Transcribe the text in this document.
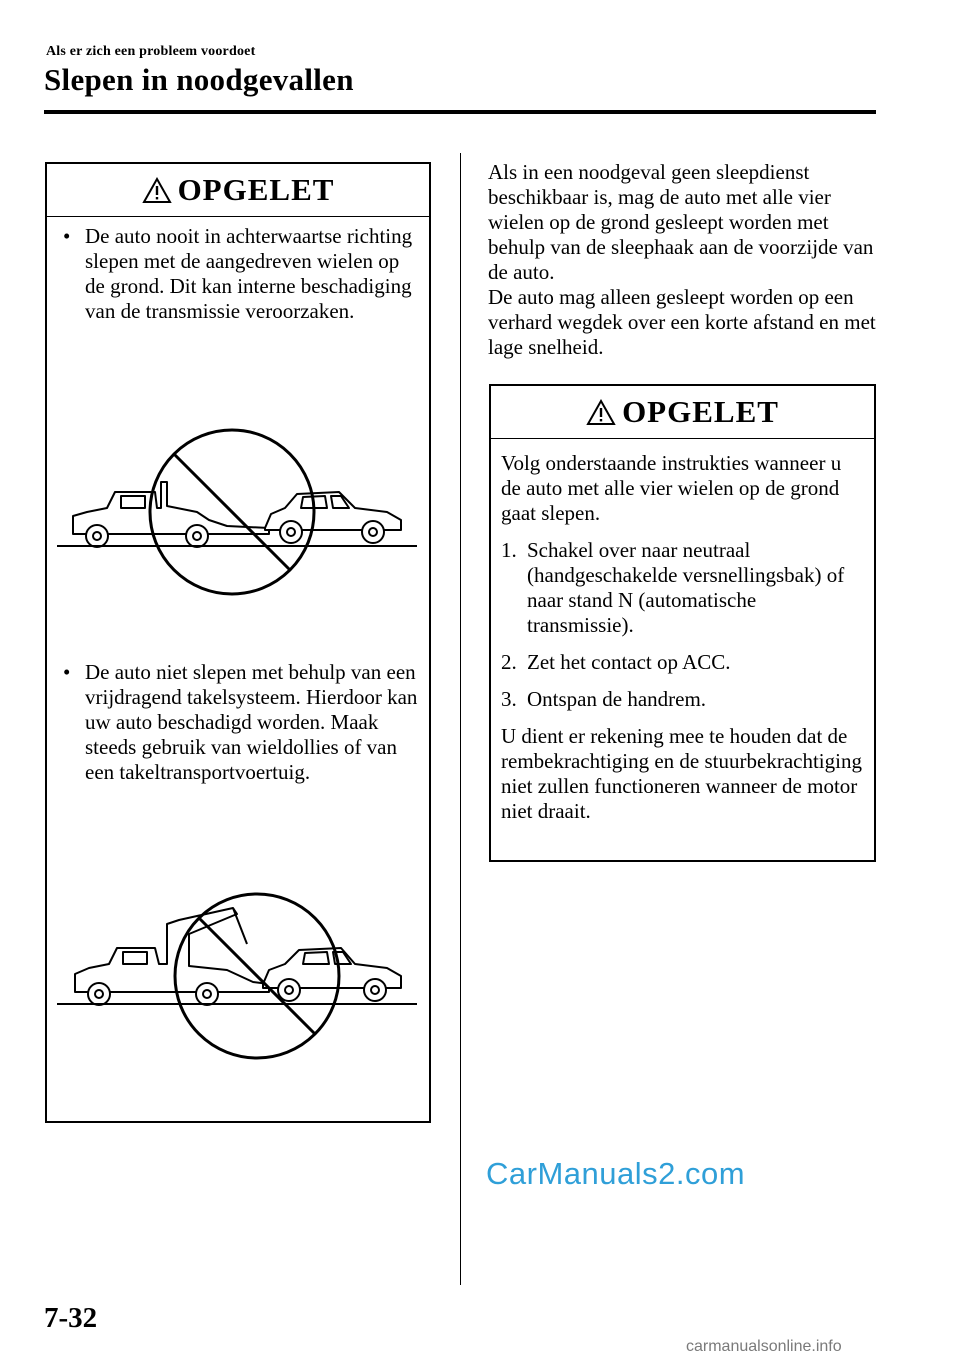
Als er zich een probleem voordoet
Slepen in noodgevallen
OPGELET
• De auto nooit in achterwaartse richting slepen met de aangedreven wielen op de grond. Dit kan interne beschadiging van de transmissie veroorzaken.
• De auto niet slepen met behulp van een vrijdragend takelsysteem. Hierdoor kan uw auto beschadigd worden. Maak steeds gebruik van wieldollies of van een takeltransportvoertuig.

Als in een noodgeval geen sleepdienst beschikbaar is, mag de auto met alle vier wielen op de grond gesleept worden met behulp van de sleephaak aan de voorzijde van de auto.

De auto mag alleen gesleept worden op een verhard wegdek over een korte afstand en met lage snelheid.

OPGELET

Volg onderstaande instrukties wanneer u de auto met alle vier wielen op de grond gaat slepen.

1. Schakel over naar neutraal (handgeschakelde versnellingsbak) of naar stand N (automatische transmissie).
2. Zet het contact op ACC.
3. Ontspan de handrem.

U dient er rekening mee te houden dat de rembekrachtiging en de stuurbekrachtiging niet zullen functioneren wanneer de motor niet draait.

CarManuals2.com
7-32
carmanualsonline.info
